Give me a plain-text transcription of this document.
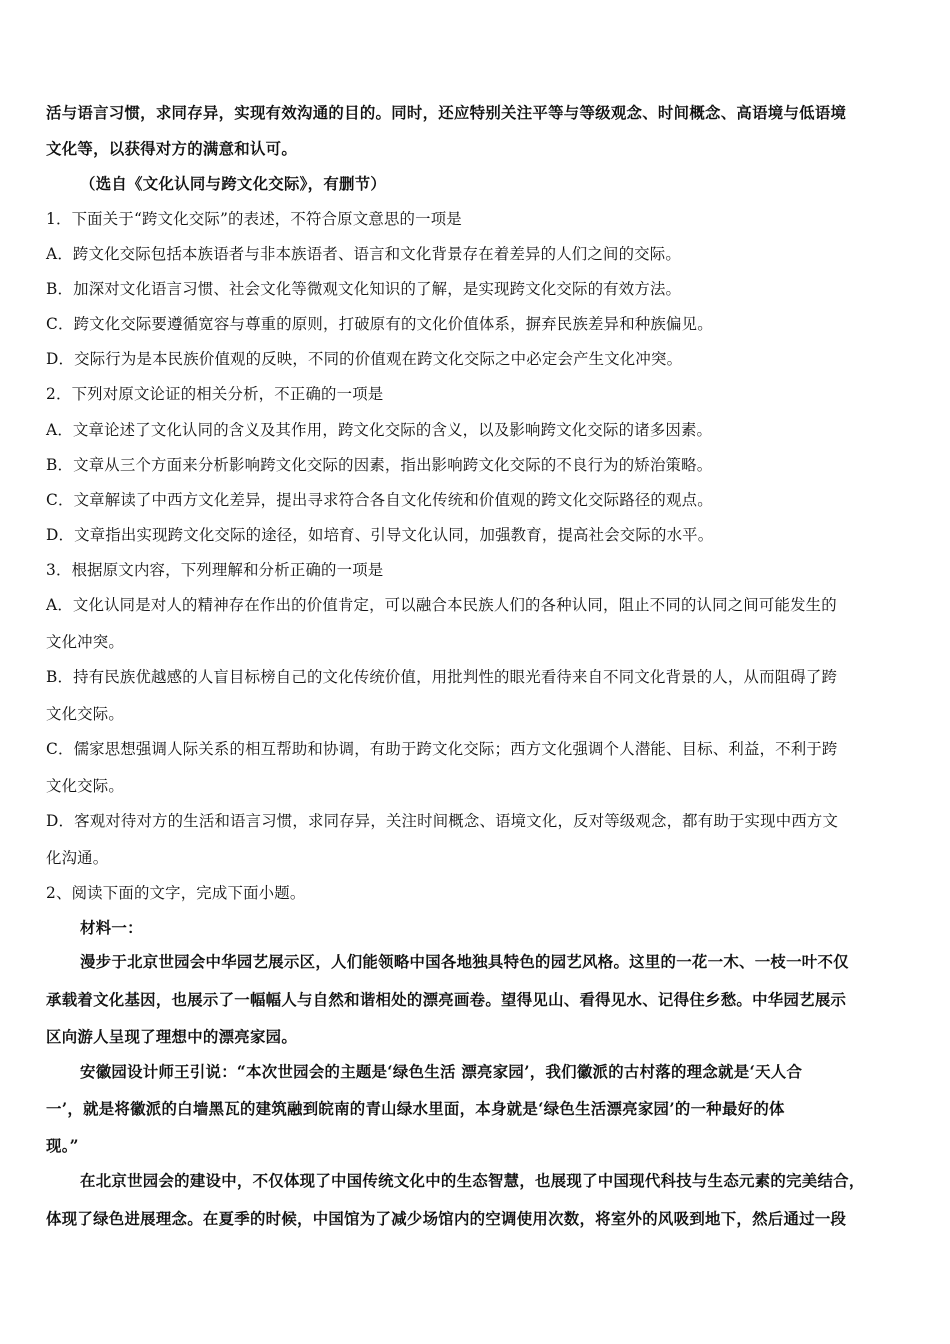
活与语言习惯，求同存异，实现有效沟通的目的。同时，还应特别关注平等与等级观念、时间概念、高语境与低语境
文化等，以获得对方的满意和认可。
（选自《文化认同与跨文化交际》，有删节）
1．下面关于“跨文化交际”的表述，不符合原文意思的一项是
A．跨文化交际包括本族语者与非本族语者、语言和文化背景存在着差异的人们之间的交际。
B．加深对文化语言习惯、社会文化等微观文化知识的了解，是实现跨文化交际的有效方法。
C．跨文化交际要遵循宽容与尊重的原则，打破原有的文化价值体系，摒弃民族差异和种族偏见。
D．交际行为是本民族价值观的反映，不同的价值观在跨文化交际之中必定会产生文化冲突。
2．下列对原文论证的相关分析，不正确的一项是
A．文章论述了文化认同的含义及其作用，跨文化交际的含义，以及影响跨文化交际的诸多因素。
B．文章从三个方面来分析影响跨文化交际的因素，指出影响跨文化交际的不良行为的矫治策略。
C．文章解读了中西方文化差异，提出寻求符合各自文化传统和价值观的跨文化交际路径的观点。
D．文章指出实现跨文化交际的途径，如培育、引导文化认同，加强教育，提高社会交际的水平。
3．根据原文内容，下列理解和分析正确的一项是
A．文化认同是对人的精神存在作出的价值肯定，可以融合本民族人们的各种认同，阻止不同的认同之间可能发生的
文化冲突。
B．持有民族优越感的人盲目标榜自己的文化传统价值，用批判性的眼光看待来自不同文化背景的人，从而阻碍了跨
文化交际。
C．儒家思想强调人际关系的相互帮助和协调，有助于跨文化交际；西方文化强调个人潜能、目标、利益，不利于跨
文化交际。
D．客观对待对方的生活和语言习惯，求同存异，关注时间概念、语境文化，反对等级观念，都有助于实现中西方文
化沟通。
2、阅读下面的文字，完成下面小题。
材料一：
漫步于北京世园会中华园艺展示区，人们能领略中国各地独具特色的园艺风格。这里的一花一木、一枝一叶不仅
承载着文化基因，也展示了一幅幅人与自然和谐相处的漂亮画卷。望得见山、看得见水、记得住乡愁。中华园艺展示
区向游人呈现了理想中的漂亮家园。
安徽园设计师王引说：“本次世园会的主题是‘绿色生活 漂亮家园’，我们徽派的古村落的理念就是‘天人合
一’，就是将徽派的白墙黑瓦的建筑融到皖南的青山绿水里面，本身就是‘绿色生活漂亮家园’的一种最好的体
现。”
在北京世园会的建设中，不仅体现了中国传统文化中的生态智慧，也展现了中国现代科技与生态元素的完美结合，
体现了绿色进展理念。在夏季的时候，中国馆为了减少场馆内的空调使用次数，将室外的风吸到地下，然后通过一段
